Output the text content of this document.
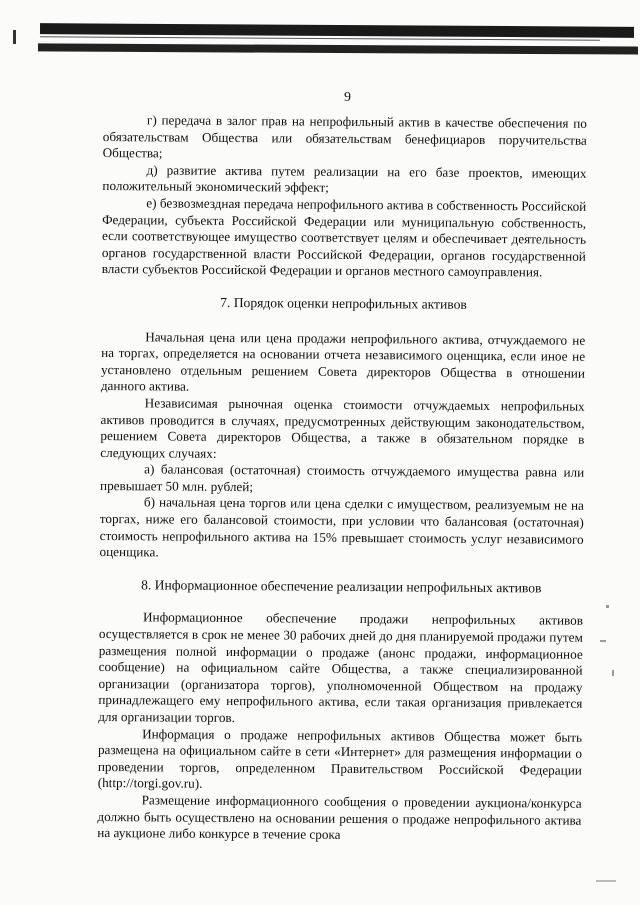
9

г) передача в залог прав на непрофильный актив в качестве обеспечения по обязательствам Общества или обязательствам бенефициаров поручительства Общества;

д) развитие актива путем реализации на его базе проектов, имеющих положительный экономический эффект;

е) безвозмездная передача непрофильного актива в собственность Российской Федерации, субъекта Российской Федерации или муниципальную собственность, если соответствующее имущество соответствует целям и обеспечивает деятельность органов государственной власти Российской Федерации, органов государственной власти субъектов Российской Федерации и органов местного самоуправления.

7. Порядок оценки непрофильных активов

Начальная цена или цена продажи непрофильного актива, отчуждаемого не на торгах, определяется на основании отчета независимого оценщика, если иное не установлено отдельным решением Совета директоров Общества в отношении данного актива.

Независимая рыночная оценка стоимости отчуждаемых непрофильных активов проводится в случаях, предусмотренных действующим законодательством, решением Совета директоров Общества, а также в обязательном порядке в следующих случаях:

а) балансовая (остаточная) стоимость отчуждаемого имущества равна или превышает 50 млн. рублей;

б) начальная цена торгов или цена сделки с имуществом, реализуемым не на торгах, ниже его балансовой стоимости, при условии что балансовая (остаточная) стоимость непрофильного актива на 15% превышает стоимость услуг независимого оценщика.

8. Информационное обеспечение реализации непрофильных активов

Информационное обеспечение продажи непрофильных активов осуществляется в срок не менее 30 рабочих дней до дня планируемой продажи путем размещения полной информации о продаже (анонс продажи, информационное сообщение) на официальном сайте Общества, а также специализированной организации (организатора торгов), уполномоченной Обществом на продажу принадлежащего ему непрофильного актива, если такая организация привлекается для организации торгов.

Информация о продаже непрофильных активов Общества может быть размещена на официальном сайте в сети «Интернет» для размещения информации о проведении торгов, определенном Правительством Российской Федерации (http://torgi.gov.ru).

Размещение информационного сообщения о проведении аукциона/конкурса должно быть осуществлено на основании решения о продаже непрофильного актива на аукционе либо конкурсе в течение срока
